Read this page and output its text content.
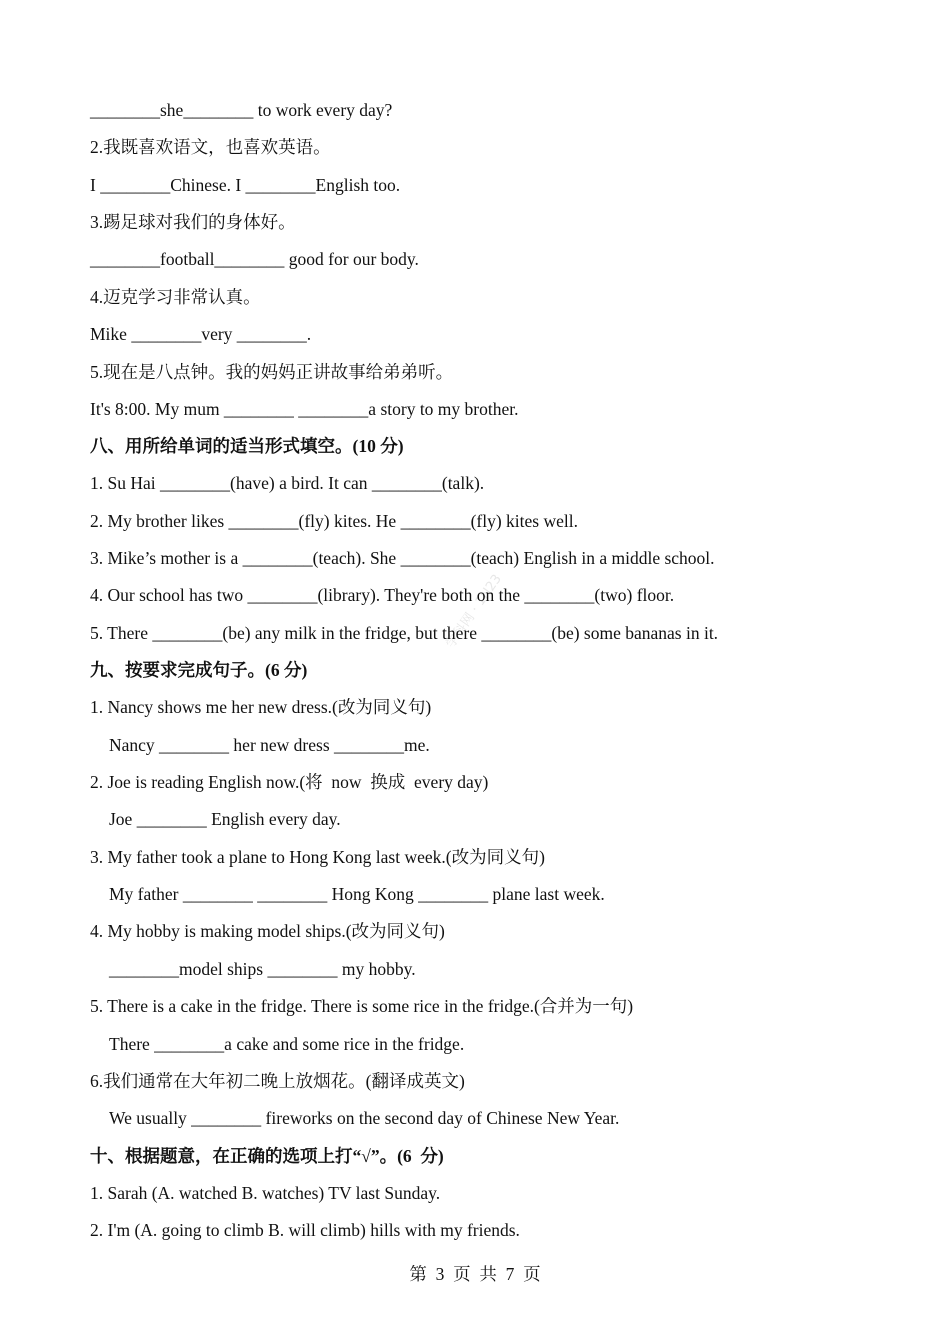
学科网 · 1N23
________she________ to work every day?
2.我既喜欢语文，也喜欢英语。
I ________Chinese. I ________English too.
3.踢足球对我们的身体好。
________football________ good for our body.
4.迈克学习非常认真。
Mike ________very ________.
5.现在是八点钟。我的妈妈正讲故事给弟弟听。
It's 8:00. My mum ________ ________a story to my brother.
八、用所给单词的适当形式填空。(10 分)
1. Su Hai ________(have) a bird. It can ________(talk).
2. My brother likes ________(fly) kites. He ________(fly) kites well.
3. Mike’s mother is a ________(teach). She ________(teach) English in a middle school.
4. Our school has two ________(library). They're both on the ________(two) floor.
5. There ________(be) any milk in the fridge, but there ________(be) some bananas in it.
九、按要求完成句子。(6 分)
1. Nancy shows me her new dress.(改为同义句)
Nancy ________ her new dress ________me.
2. Joe is reading English now.(将  now  换成  every day)
Joe ________ English every day.
3. My father took a plane to Hong Kong last week.(改为同义句)
My father ________ ________ Hong Kong ________ plane last week.
4. My hobby is making model ships.(改为同义句)
________model ships ________ my hobby.
5. There is a cake in the fridge. There is some rice in the fridge.(合并为一句)
There ________a cake and some rice in the fridge.
6.我们通常在大年初二晚上放烟花。(翻译成英文)
We usually ________ fireworks on the second day of Chinese New Year.
十、根据题意，在正确的选项上打“√”。(6  分)
1. Sarah (A. watched B. watches) TV last Sunday.
2. I'm (A. going to climb B. will climb) hills with my friends.
第  3  页  共  7  页
